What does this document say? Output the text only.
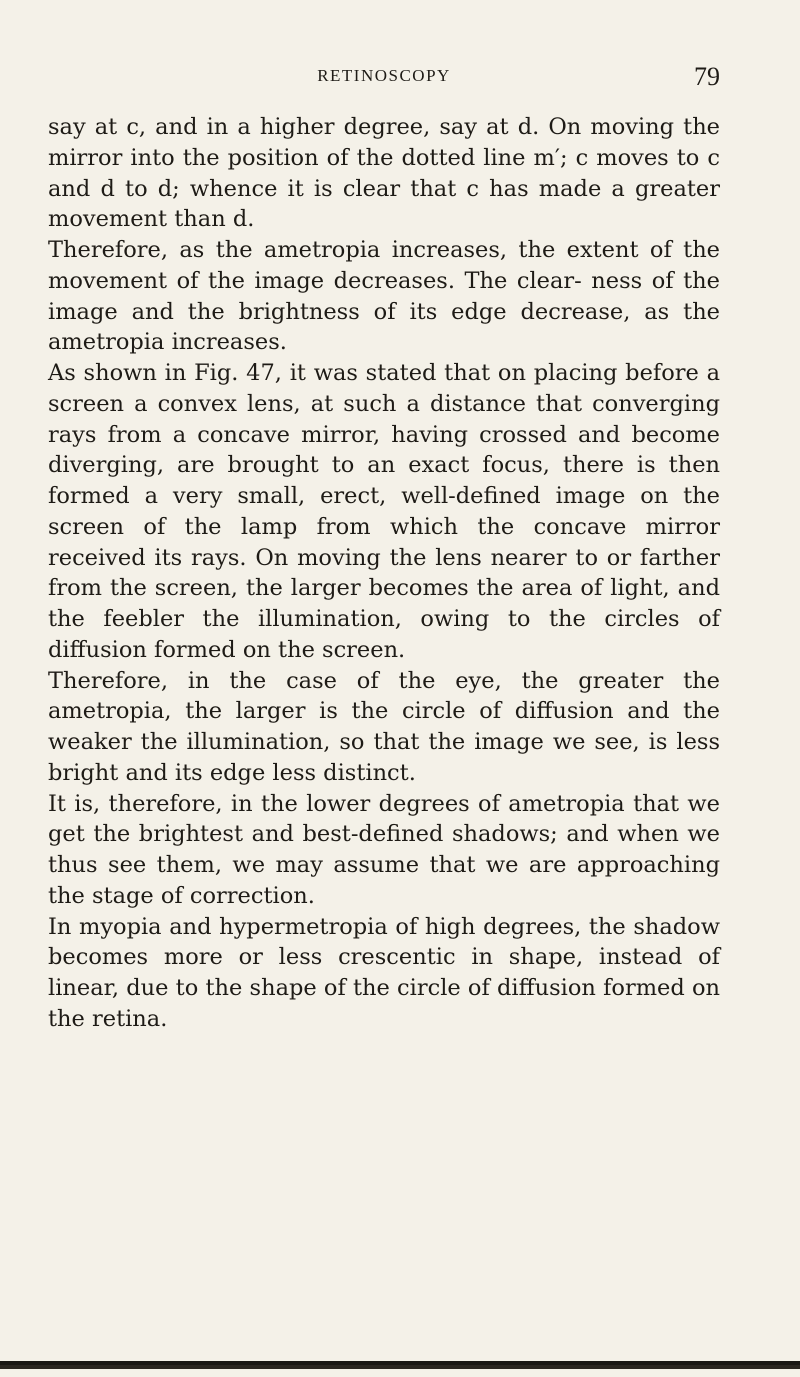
RETINOSCOPY	79

say at c, and in a higher degree, say at d. On moving the mirror into the position of the dotted line m′; c moves to c and d to d; whence it is clear that c has made a greater movement than d.

Therefore, as the ametropia increases, the extent of the movement of the image decreases. The clear- ness of the image and the brightness of its edge decrease, as the ametropia increases.

As shown in Fig. 47, it was stated that on placing before a screen a convex lens, at such a distance that converging rays from a concave mirror, having crossed and become diverging, are brought to an exact focus, there is then formed a very small, erect, well-defined image on the screen of the lamp from which the concave mirror received its rays. On moving the lens nearer to or farther from the screen, the larger becomes the area of light, and the feebler the illumination, owing to the circles of diffusion formed on the screen.

Therefore, in the case of the eye, the greater the ametropia, the larger is the circle of diffusion and the weaker the illumination, so that the image we see, is less bright and its edge less distinct.

It is, therefore, in the lower degrees of ametropia that we get the brightest and best-defined shadows; and when we thus see them, we may assume that we are approaching the stage of correction.

In myopia and hypermetropia of high degrees, the shadow becomes more or less crescentic in shape, instead of linear, due to the shape of the circle of diffusion formed on the retina.
